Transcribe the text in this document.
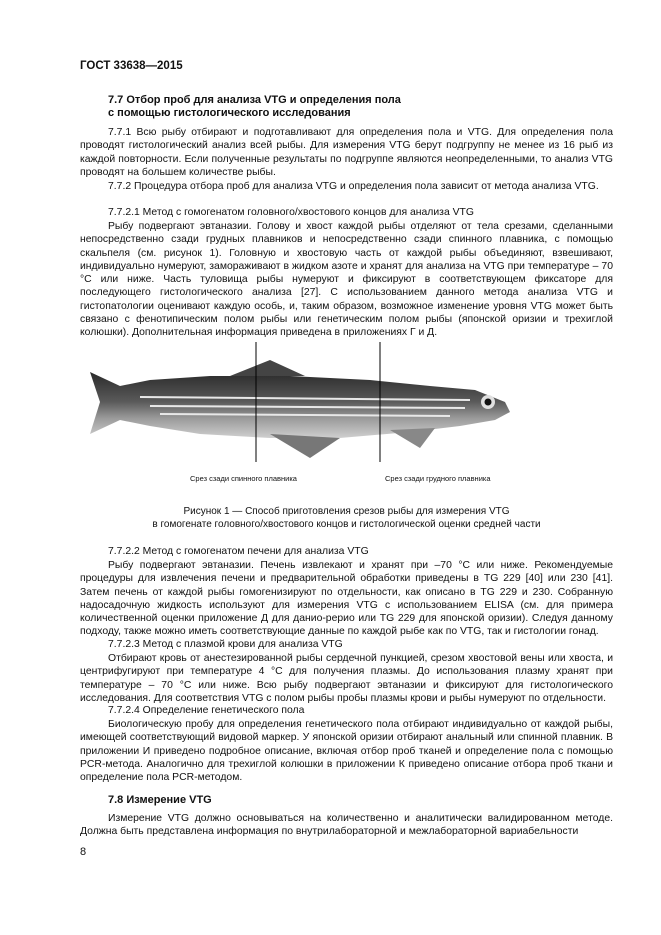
ГОСТ 33638—2015
7.7 Отбор проб для анализа VTG и определения пола
с помощью гистологического исследования

7.7.1 Всю рыбу отбирают и подготавливают для определения пола и VTG. Для определения пола проводят гистологический анализ всей рыбы. Для измерения VTG берут подгруппу не менее из 16 рыб из каждой повторности. Если полученные результаты по подгруппе являются неопределенными, то анализ VTG проводят на большем количестве рыбы.

7.7.2 Процедура отбора проб для анализа VTG и определения пола зависит от метода анализа VTG.

7.7.2.1 Метод с гомогенатом головного/хвостового концов для анализа VTG

Рыбу подвергают эвтаназии. Голову и хвост каждой рыбы отделяют от тела срезами, сделанными непосредственно сзади грудных плавников и непосредственно сзади спинного плавника, с помощью скальпеля (см. рисунок 1). Головную и хвостовую часть от каждой рыбы объединяют, взвешивают, индивидуально нумеруют, замораживают в жидком азоте и хранят для анализа на VTG при температуре – 70 °С или ниже. Часть туловища рыбы нумеруют и фиксируют в соответствующем фиксаторе для последующего гистологического анализа [27]. С использованием данного метода анализа VTG и гистопатологии оценивают каждую особь, и, таким образом, возможное изменение уровня VTG может быть связано с фенотипическим полом рыбы или генетическим полом рыбы (японской оризии и трехиглой колюшки). Дополнительная информация приведена в приложениях Г и Д.

Срез сзади спинного плавника	Срез сзади грудного плавника
Рисунок 1 — Способ приготовления срезов рыбы для измерения VTG
в гомогенате головного/хвостового концов и гистологической оценки средней части

7.7.2.2 Метод с гомогенатом печени для анализа VTG

Рыбу подвергают эвтаназии. Печень извлекают и хранят при –70 °С или ниже. Рекомендуемые процедуры для извлечения печени и предварительной обработки приведены в TG 229 [40] или 230 [41]. Затем печень от каждой рыбы гомогенизируют по отдельности, как описано в TG 229 и 230. Собранную надосадочную жидкость используют для измерения VTG с использованием ELISA (см. для примера количественной оценки приложение Д для данио-рерио или TG 229 для японской оризии). Следуя данному подходу, также можно иметь соответствующие данные по каждой рыбе как по VTG, так и гистологии гонад.

7.7.2.3 Метод с плазмой крови для анализа VTG

Отбирают кровь от анестезированной рыбы сердечной пункцией, срезом хвостовой вены или хвоста, и центрифугируют при температуре 4 °С для получения плазмы. До использования плазму хранят при температуре – 70 °С или ниже. Всю рыбу подвергают эвтаназии и фиксируют для гистологического исследования. Для соответствия VTG с полом рыбы пробы плазмы крови и рыбы нумеруют по отдельности.

7.7.2.4 Определение генетического пола

Биологическую пробу для определения генетического пола отбирают индивидуально от каждой рыбы, имеющей соответствующий видовой маркер. У японской оризии отбирают анальный или спинной плавник. В приложении И приведено подробное описание, включая отбор проб тканей и определение пола с помощью PCR-метода. Аналогично для трехиглой колюшки в приложении К приведено описание отбора проб ткани и определение пола PCR-методом.

7.8 Измерение VTG

Измерение VTG должно основываться на количественно и аналитически валидированном методе. Должна быть представлена информация по внутрилабораторной и межлабораторной вариабельности

8
